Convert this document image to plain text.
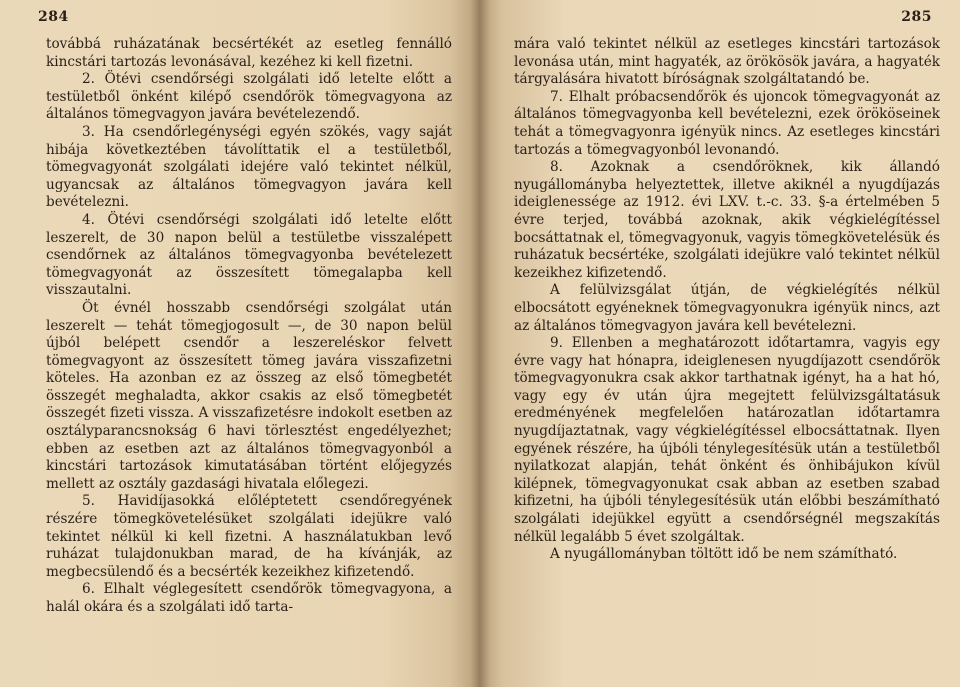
284

továbbá ruházatának becsértékét az esetleg fennálló kincstári tartozás levonásával, kezéhez ki kell fizetni.

2. Ötévi csendőrségi szolgálati idő letelte előtt a testületből önként kilépő csendőrök tömegvagyona az általános tömegvagyon javára bevételezendő.

3. Ha csendőrlegénységi egyén szökés, vagy saját hibája következtében távolíttatik el a testületből, tömegvagyonát szolgálati idejére való tekintet nélkül, ugyancsak az általános tömegvagyon javára kell bevételezni.

4. Ötévi csendőrségi szolgálati idő letelte előtt leszerelt, de 30 napon belül a testületbe visszalépett csendőrnek az általános tömegvagyonba bevételezett tömegvagyonát az összesített tömegalapba kell visszautalni.

Öt évnél hosszabb csendőrségi szolgálat után leszerelt — tehát tömegjogosult —, de 30 napon belül újból belépett csendőr a leszereléskor felvett tömegvagyont az összesített tömeg javára visszafizetni köteles. Ha azonban ez az összeg az első tömegbetét összegét meghaladta, akkor csakis az első tömegbetét összegét fizeti vissza. A visszafizetésre indokolt esetben az osztályparancsnokság 6 havi törlesztést engedélyezhet; ebben az esetben azt az általános tömegvagyonból a kincstári tartozások kimutatásában történt előjegyzés mellett az osztály gazdasági hivatala előlegezi.

5. Havidíjasokká előléptetett csendőregyének részére tömegkövetelésüket szolgálati idejükre való tekintet nélkül ki kell fizetni. A használatukban levő ruházat tulajdonukban marad, de ha kívánják, az megbecsülendő és a becsérték kezeikhez kifizetendő.

6. Elhalt véglegesített csendőrök tömegvagyona, a halál okára és a szolgálati idő tarta-

285

mára való tekintet nélkül az esetleges kincstári tartozások levonása után, mint hagyaték, az örökösök javára, a hagyaték tárgyalására hivatott bíróságnak szolgáltatandó be.

7. Elhalt próbacsendőrök és ujoncok tömegvagyonát az általános tömegvagyonba kell bevételezni, ezek örököseinek tehát a tömegvagyonra igényük nincs. Az esetleges kincstári tartozás a tömegvagyonból levonandó.

8. Azoknak a csendőröknek, kik állandó nyugállományba helyeztettek, illetve akiknél a nyugdíjazás ideiglenessége az 1912. évi LXV. t.-c. 33. §-a értelmében 5 évre terjed, továbbá azoknak, akik végkielégítéssel bocsáttatnak el, tömegvagyonuk, vagyis tömegkövetelésük és ruházatuk becsértéke, szolgálati idejükre való tekintet nélkül kezeikhez kifizetendő.

A felülvizsgálat útján, de végkielégítés nélkül elbocsátott egyéneknek tömegvagyonukra igényük nincs, azt az általános tömegvagyon javára kell bevételezni.

9. Ellenben a meghatározott időtartamra, vagyis egy évre vagy hat hónapra, ideiglenesen nyugdíjazott csendőrök tömegvagyonukra csak akkor tarthatnak igényt, ha a hat hó, vagy egy év után újra megejtett felülvizsgáltatásuk eredményének megfelelően határozatlan időtartamra nyugdíjaztatnak, vagy végkielégítéssel elbocsáttatnak. Ilyen egyének részére, ha újbóli ténylegesítésük után a testületből nyilatkozat alapján, tehát önként és önhibájukon kívül kilépnek, tömegvagyonukat csak abban az esetben szabad kifizetni, ha újbóli ténylegesítésük után előbbi beszámítható szolgálati idejükkel együtt a csendőrségnél megszakítás nélkül legalább 5 évet szolgáltak.

A nyugállományban töltött idő be nem számítható.
